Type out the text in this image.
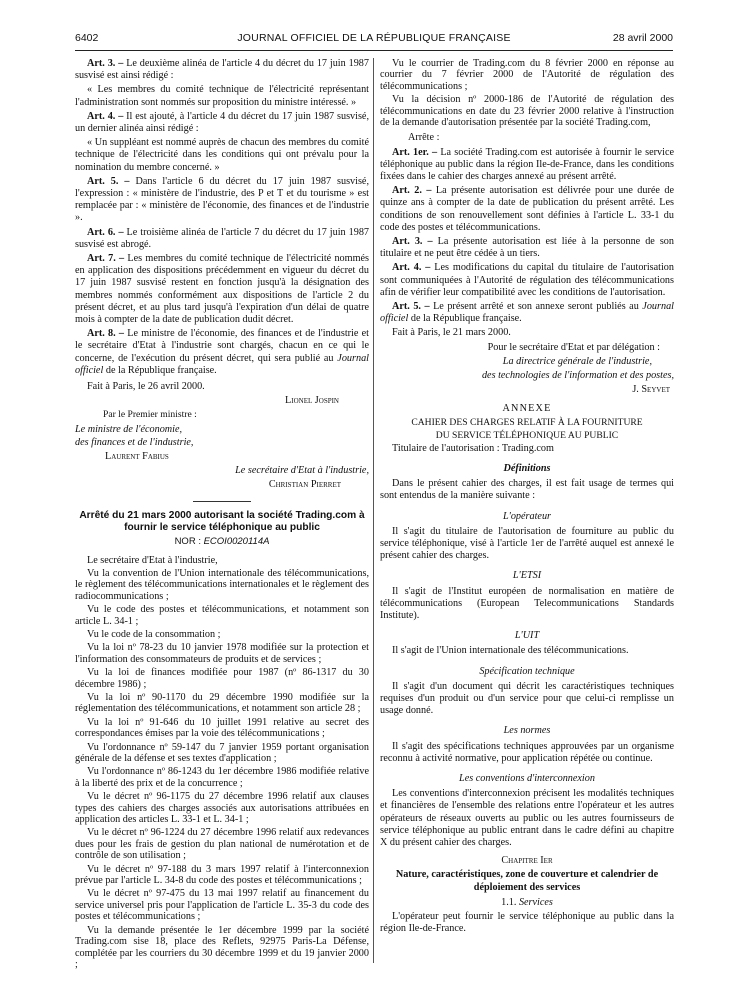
6402	JOURNAL OFFICIEL DE LA RÉPUBLIQUE FRANÇAISE	28 avril 2000

Art. 3. – Le deuxième alinéa de l'article 4 du décret du 17 juin 1987 susvisé est ainsi rédigé :

« Les membres du comité technique de l'électricité représentant l'administration sont nommés sur proposition du ministre intéressé. »

Art. 4. – Il est ajouté, à l'article 4 du décret du 17 juin 1987 susvisé, un dernier alinéa ainsi rédigé :

« Un suppléant est nommé auprès de chacun des membres du comité technique de l'électricité dans les conditions qui ont prévalu pour la nomination du membre concerné. »

Art. 5. – Dans l'article 6 du décret du 17 juin 1987 susvisé, l'expression : « ministère de l'industrie, des P et T et du tourisme » est remplacée par : « ministère de l'économie, des finances et de l'industrie ».

Art. 6. – Le troisième alinéa de l'article 7 du décret du 17 juin 1987 susvisé est abrogé.

Art. 7. – Les membres du comité technique de l'électricité nommés en application des dispositions précédemment en vigueur du décret du 17 juin 1987 susvisé restent en fonction jusqu'à la désignation des membres nommés conformément aux dispositions de l'article 2 du présent décret, et au plus tard jusqu'à l'expiration d'un délai de quatre mois à compter de la date de publication dudit décret.

Art. 8. – Le ministre de l'économie, des finances et de l'industrie et le secrétaire d'Etat à l'industrie sont chargés, chacun en ce qui le concerne, de l'exécution du présent décret, qui sera publié au Journal officiel de la République française.

Fait à Paris, le 26 avril 2000.

Lionel Jospin

Par le Premier ministre :

Le ministre de l'économie,

des finances et de l'industrie,

Laurent Fabius

Le secrétaire d'Etat à l'industrie,

Christian Pierret

Arrêté du 21 mars 2000 autorisant la société Trading.com à fournir le service téléphonique au public

NOR : ECOI0020114A

Le secrétaire d'Etat à l'industrie,

Vu la convention de l'Union internationale des télécommunications, le règlement des télécommunications internationales et le règlement des radiocommunications ;

Vu le code des postes et télécommunications, et notamment son article L. 34-1 ;

Vu le code de la consommation ;

Vu la loi nº 78-23 du 10 janvier 1978 modifiée sur la protection et l'information des consommateurs de produits et de services ;

Vu la loi de finances modifiée pour 1987 (nº 86-1317 du 30 décembre 1986) ;

Vu la loi nº 90-1170 du 29 décembre 1990 modifiée sur la réglementation des télécommunications, et notamment son article 28 ;

Vu la loi nº 91-646 du 10 juillet 1991 relative au secret des correspondances émises par la voie des télécommunications ;

Vu l'ordonnance nº 59-147 du 7 janvier 1959 portant organisation générale de la défense et ses textes d'application ;

Vu l'ordonnance nº 86-1243 du 1er décembre 1986 modifiée relative à la liberté des prix et de la concurrence ;

Vu le décret nº 96-1175 du 27 décembre 1996 relatif aux clauses types des cahiers des charges associés aux autorisations attribuées en application des articles L. 33-1 et L. 34-1 ;

Vu le décret nº 96-1224 du 27 décembre 1996 relatif aux redevances dues pour les frais de gestion du plan national de numérotation et de contrôle de son utilisation ;

Vu le décret nº 97-188 du 3 mars 1997 relatif à l'interconnexion prévue par l'article L. 34-8 du code des postes et télécommunications ;

Vu le décret nº 97-475 du 13 mai 1997 relatif au financement du service universel pris pour l'application de l'article L. 35-3 du code des postes et télécommunications ;

Vu la demande présentée le 1er décembre 1999 par la société Trading.com sise 18, place des Reflets, 92975 Paris-La Défense, complétée par les courriers du 30 décembre 1999 et du 19 janvier 2000 ;

Vu le courrier de Trading.com du 8 février 2000 en réponse au courrier du 7 février 2000 de l'Autorité de régulation des télécommunications ;

Vu la décision nº 2000-186 de l'Autorité de régulation des télécommunications en date du 23 février 2000 relative à l'instruction de la demande d'autorisation présentée par la société Trading.com,

Arrête :

Art. 1er. – La société Trading.com est autorisée à fournir le service téléphonique au public dans la région Ile-de-France, dans les conditions fixées dans le cahier des charges annexé au présent arrêté.

Art. 2. – La présente autorisation est délivrée pour une durée de quinze ans à compter de la date de publication du présent arrêté. Les conditions de son renouvellement sont définies à l'article L. 33-1 du code des postes et télécommunications.

Art. 3. – La présente autorisation est liée à la personne de son titulaire et ne peut être cédée à un tiers.

Art. 4. – Les modifications du capital du titulaire de l'autorisation sont communiquées à l'Autorité de régulation des télécommunications afin de vérifier leur compatibilité avec les conditions de l'autorisation.

Art. 5. – Le présent arrêté et son annexe seront publiés au Journal officiel de la République française.

Fait à Paris, le 21 mars 2000.

Pour le secrétaire d'Etat et par délégation :

La directrice générale de l'industrie,

des technologies de l'information et des postes,

J. Seyvet

ANNEXE

CAHIER DES CHARGES RELATIF À LA FOURNITURE

DU SERVICE TÉLÉPHONIQUE AU PUBLIC

Titulaire de l'autorisation : Trading.com

Définitions

Dans le présent cahier des charges, il est fait usage de termes qui sont entendus de la manière suivante :

L'opérateur

Il s'agit du titulaire de l'autorisation de fourniture au public du service téléphonique, visé à l'article 1er de l'arrêté auquel est annexé le présent cahier des charges.

L'ETSI

Il s'agit de l'Institut européen de normalisation en matière de télécommunications (European Telecommunications Standards Institute).

L'UIT

Il s'agit de l'Union internationale des télécommunications.

Spécification technique

Il s'agit d'un document qui décrit les caractéristiques techniques requises d'un produit ou d'un service pour que celui-ci remplisse un usage donné.

Les normes

Il s'agit des spécifications techniques approuvées par un organisme reconnu à activité normative, pour application répétée ou continue.

Les conventions d'interconnexion

Les conventions d'interconnexion précisent les modalités techniques et financières de l'ensemble des relations entre l'opérateur et les autres opérateurs de réseaux ouverts au public ou les autres fournisseurs de service téléphonique au public entrant dans le cadre défini au chapitre X du présent cahier des charges.

Chapitre Ier

Nature, caractéristiques, zone de couverture et calendrier de déploiement des services

1.1. Services

L'opérateur peut fournir le service téléphonique au public dans la région Ile-de-France.
